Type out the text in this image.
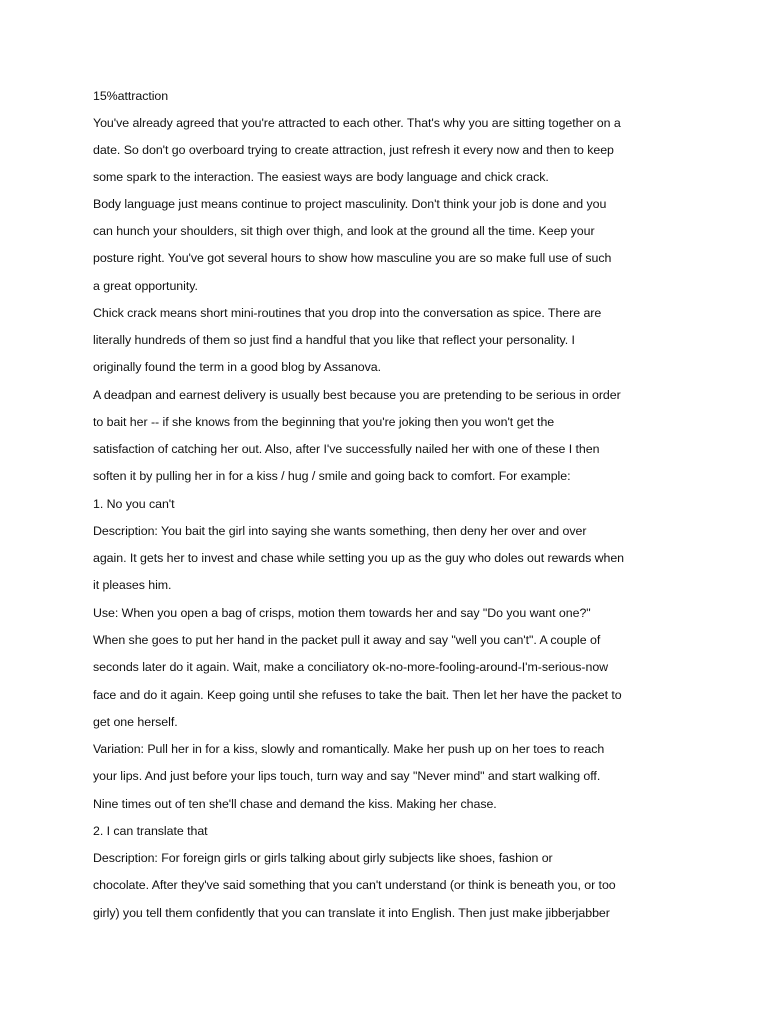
15%attraction

You've already agreed that you're attracted to each other. That's why you are sitting together on a

date. So don't go overboard trying to create attraction, just refresh it every now and then to keep

some spark to the interaction. The easiest ways are body language and chick crack.

Body language just means continue to project masculinity. Don't think your job is done and you

can hunch your shoulders, sit thigh over thigh, and look at the ground all the time. Keep your

posture right. You've got several hours to show how masculine you are so make full use of such

a great opportunity.

Chick crack means short mini-routines that you drop into the conversation as spice. There are

literally hundreds of them so just find a handful that you like that reflect your personality. I

originally found the term in a good blog by Assanova.

A deadpan and earnest delivery is usually best because you are pretending to be serious in order

to bait her -- if she knows from the beginning that you're joking then you won't get the

satisfaction of catching her out. Also, after I've successfully nailed her with one of these I then

soften it by pulling her in for a kiss / hug / smile and going back to comfort. For example:

1. No you can't

Description: You bait the girl into saying she wants something, then deny her over and over

again. It gets her to invest and chase while setting you up as the guy who doles out rewards when

it pleases him.

Use: When you open a bag of crisps, motion them towards her and say "Do you want one?"

When she goes to put her hand in the packet pull it away and say "well you can't". A couple of

seconds later do it again. Wait, make a conciliatory ok-no-more-fooling-around-I'm-serious-now

face and do it again. Keep going until she refuses to take the bait. Then let her have the packet to

get one herself.

Variation: Pull her in for a kiss, slowly and romantically. Make her push up on her toes to reach

your lips. And just before your lips touch, turn way and say "Never mind" and start walking off.

Nine times out of ten she'll chase and demand the kiss. Making her chase.

2. I can translate that

Description: For foreign girls or girls talking about girly subjects like shoes, fashion or

chocolate. After they've said something that you can't understand (or think is beneath you, or too

girly) you tell them confidently that you can translate it into English. Then just make jibberjabber
